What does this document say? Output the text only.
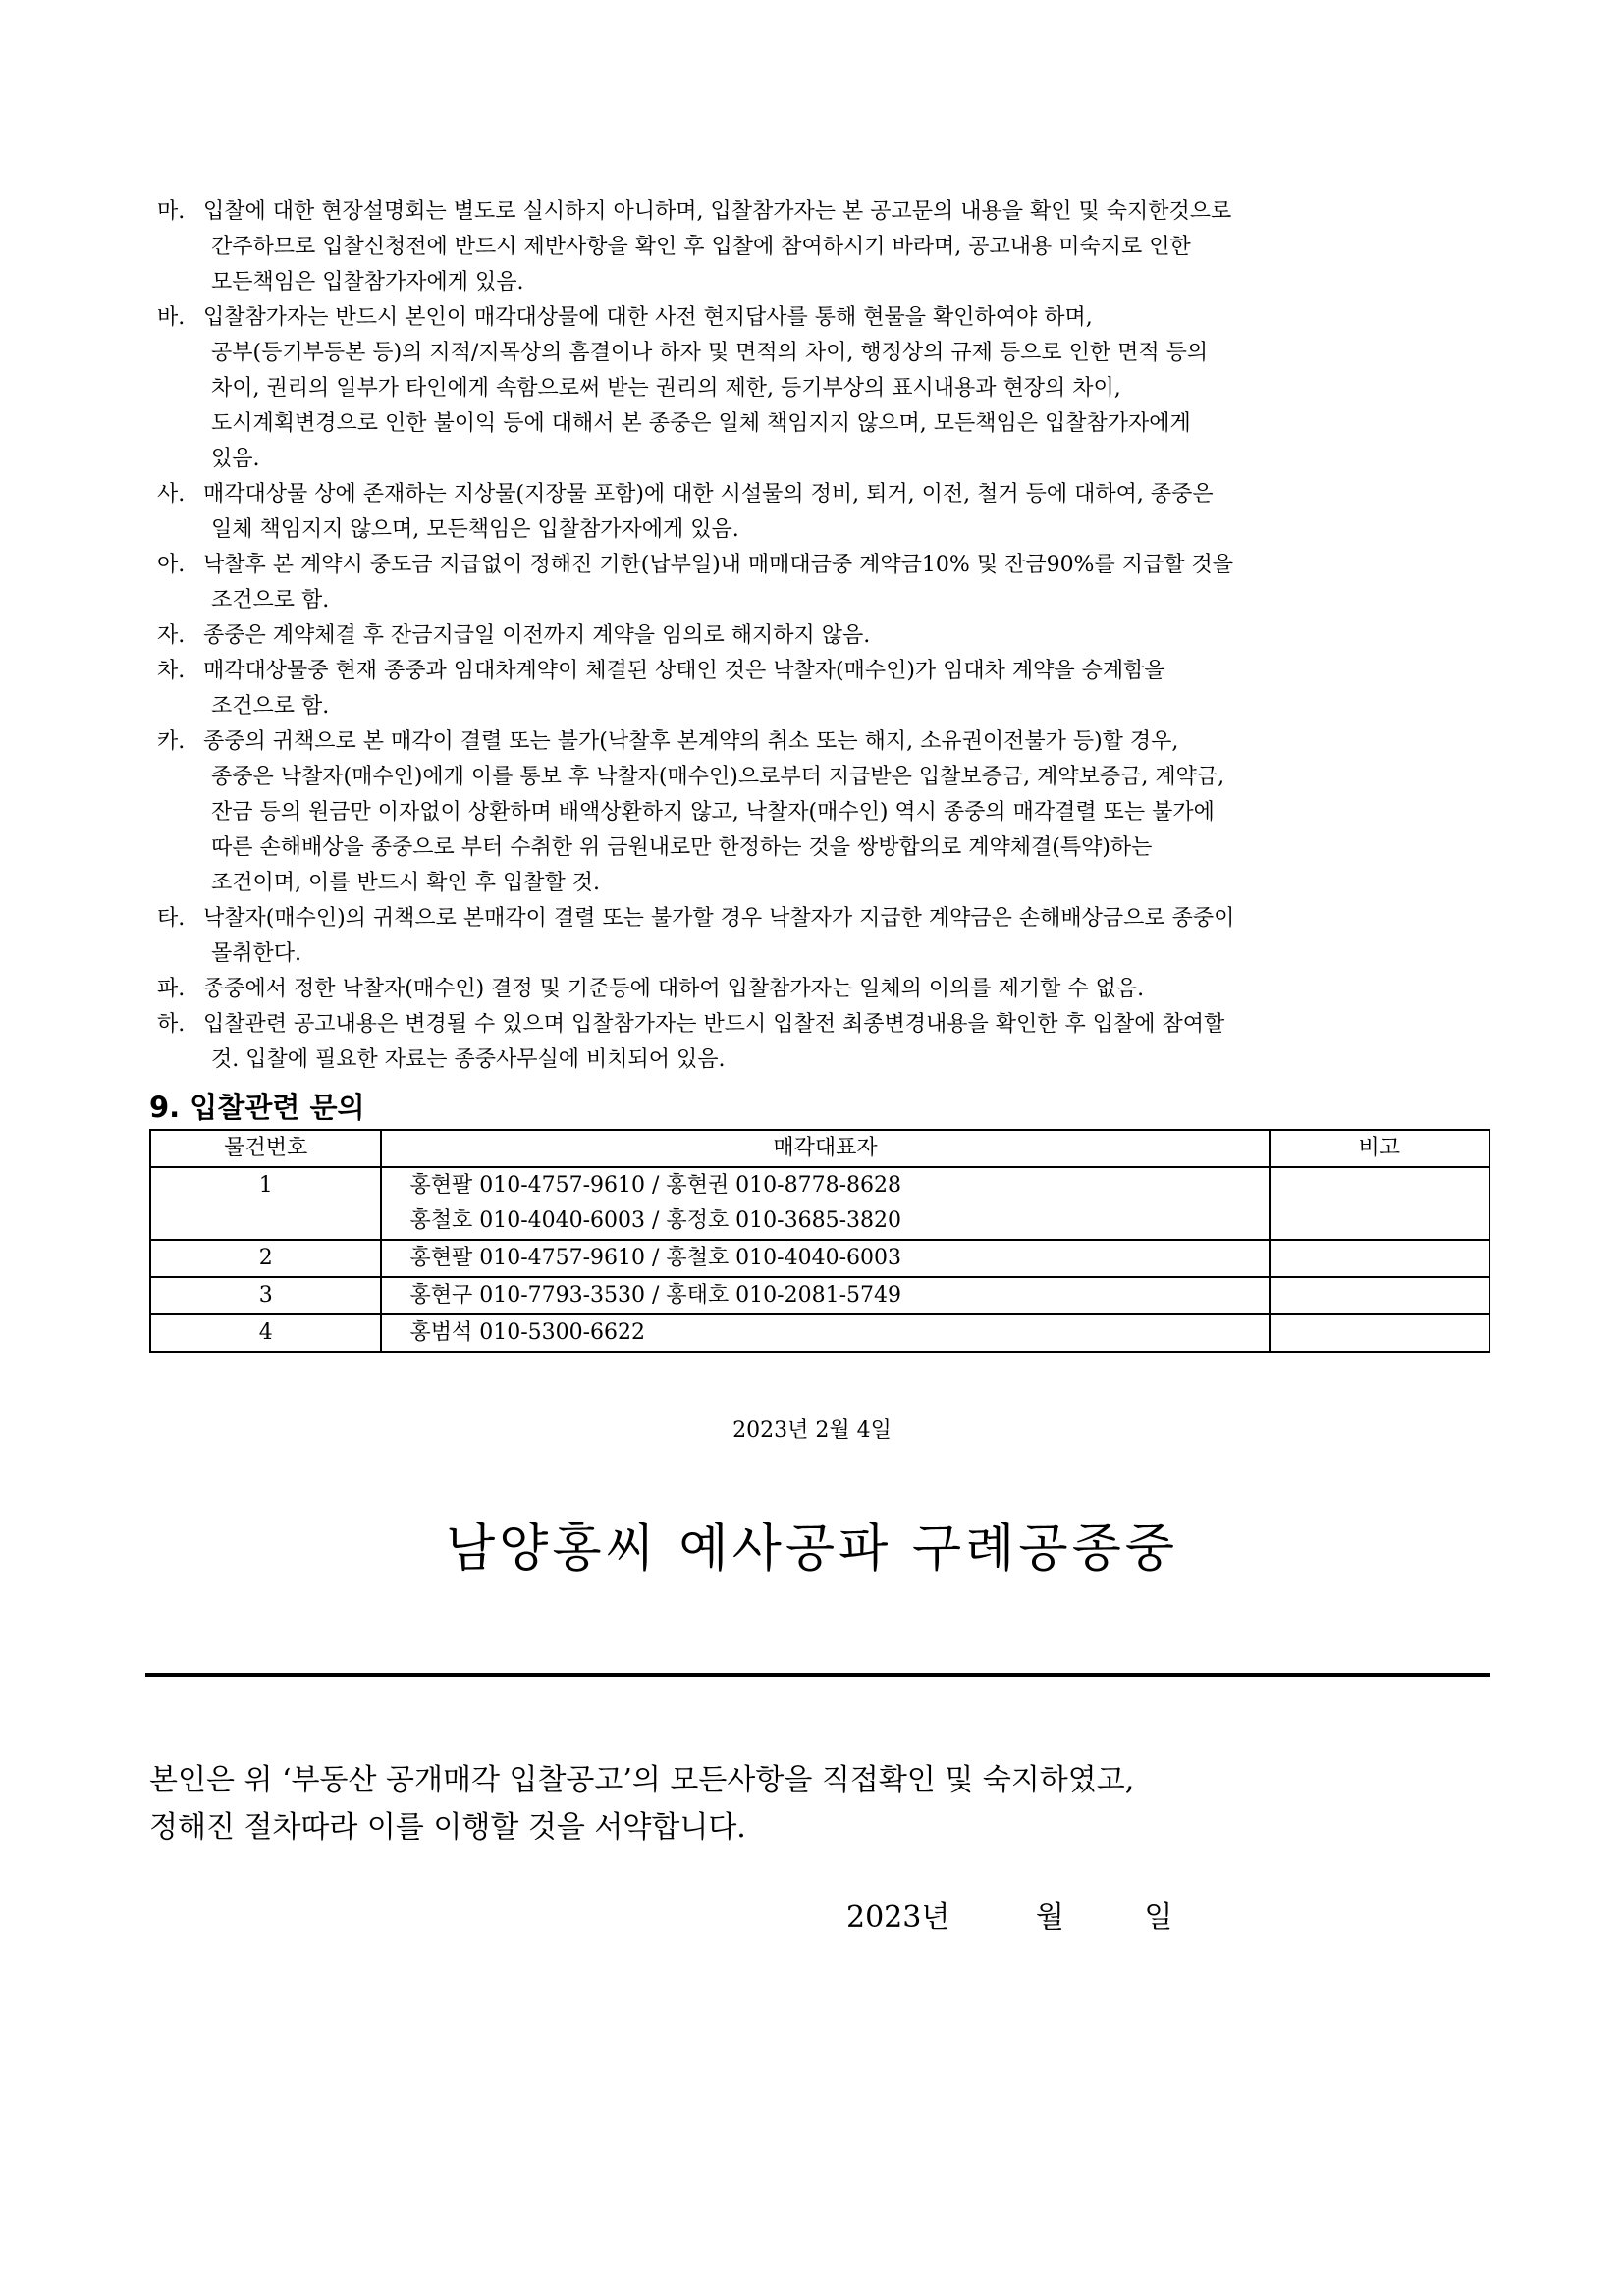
마. 입찰에 대한 현장설명회는 별도로 실시하지 아니하며, 입찰참가자는 본 공고문의 내용을 확인 및 숙지한것으로
간주하므로 입찰신청전에 반드시 제반사항을 확인 후 입찰에 참여하시기 바라며, 공고내용 미숙지로 인한
모든책임은 입찰참가자에게 있음.
바. 입찰참가자는 반드시 본인이 매각대상물에 대한 사전 현지답사를 통해 현물을 확인하여야 하며,
공부(등기부등본 등)의 지적/지목상의 흠결이나 하자 및 면적의 차이, 행정상의 규제 등으로 인한 면적 등의
차이, 권리의 일부가 타인에게 속함으로써 받는 권리의 제한, 등기부상의 표시내용과 현장의 차이,
도시계획변경으로 인한 불이익 등에 대해서 본 종중은 일체 책임지지 않으며, 모든책임은 입찰참가자에게
있음.
사. 매각대상물 상에 존재하는 지상물(지장물 포함)에 대한 시설물의 정비, 퇴거, 이전, 철거 등에 대하여, 종중은
일체 책임지지 않으며, 모든책임은 입찰참가자에게 있음.
아. 낙찰후 본 계약시 중도금 지급없이 정해진 기한(납부일)내 매매대금중 계약금10% 및 잔금90%를 지급할 것을
조건으로 함.
자. 종중은 계약체결 후 잔금지급일 이전까지 계약을 임의로 해지하지 않음.
차. 매각대상물중 현재 종중과 임대차계약이 체결된 상태인 것은 낙찰자(매수인)가 임대차 계약을 승계함을
조건으로 함.
카. 종중의 귀책으로 본 매각이 결렬 또는 불가(낙찰후 본계약의 취소 또는 해지, 소유권이전불가 등)할 경우,
종중은 낙찰자(매수인)에게 이를 통보 후 낙찰자(매수인)으로부터 지급받은 입찰보증금, 계약보증금, 계약금,
잔금 등의 원금만 이자없이 상환하며 배액상환하지 않고, 낙찰자(매수인) 역시 종중의 매각결렬 또는 불가에
따른 손해배상을 종중으로 부터 수취한 위 금원내로만 한정하는 것을 쌍방합의로 계약체결(특약)하는
조건이며, 이를 반드시 확인 후 입찰할 것.
타. 낙찰자(매수인)의 귀책으로 본매각이 결렬 또는 불가할 경우 낙찰자가 지급한 계약금은 손해배상금으로 종중이
몰취한다.
파. 종중에서 정한 낙찰자(매수인) 결정 및 기준등에 대하여 입찰참가자는 일체의 이의를 제기할 수 없음.
하. 입찰관련 공고내용은 변경될 수 있으며 입찰참가자는 반드시 입찰전 최종변경내용을 확인한 후 입찰에 참여할
것. 입찰에 필요한 자료는 종중사무실에 비치되어 있음.
9. 입찰관련 문의
물건번호	매각대표자	비고

1	홍현팔 010-4757-9610 / 홍현권 010-8778-8628
홍철호 010-4040-6003 / 홍정호 010-3685-3820	

2	홍현팔 010-4757-9610 / 홍철호 010-4040-6003	

3	홍현구 010-7793-3530 / 홍태호 010-2081-5749	

4	홍범석 010-5300-6622	

2023년 2월 4일
남양홍씨 예사공파 구례공종중
본인은 위 ‘부동산 공개매각 입찰공고’의 모든사항을 직접확인 및 숙지하였고,
정해진 절차따라 이를 이행할 것을 서약합니다.
2023년	월	일
